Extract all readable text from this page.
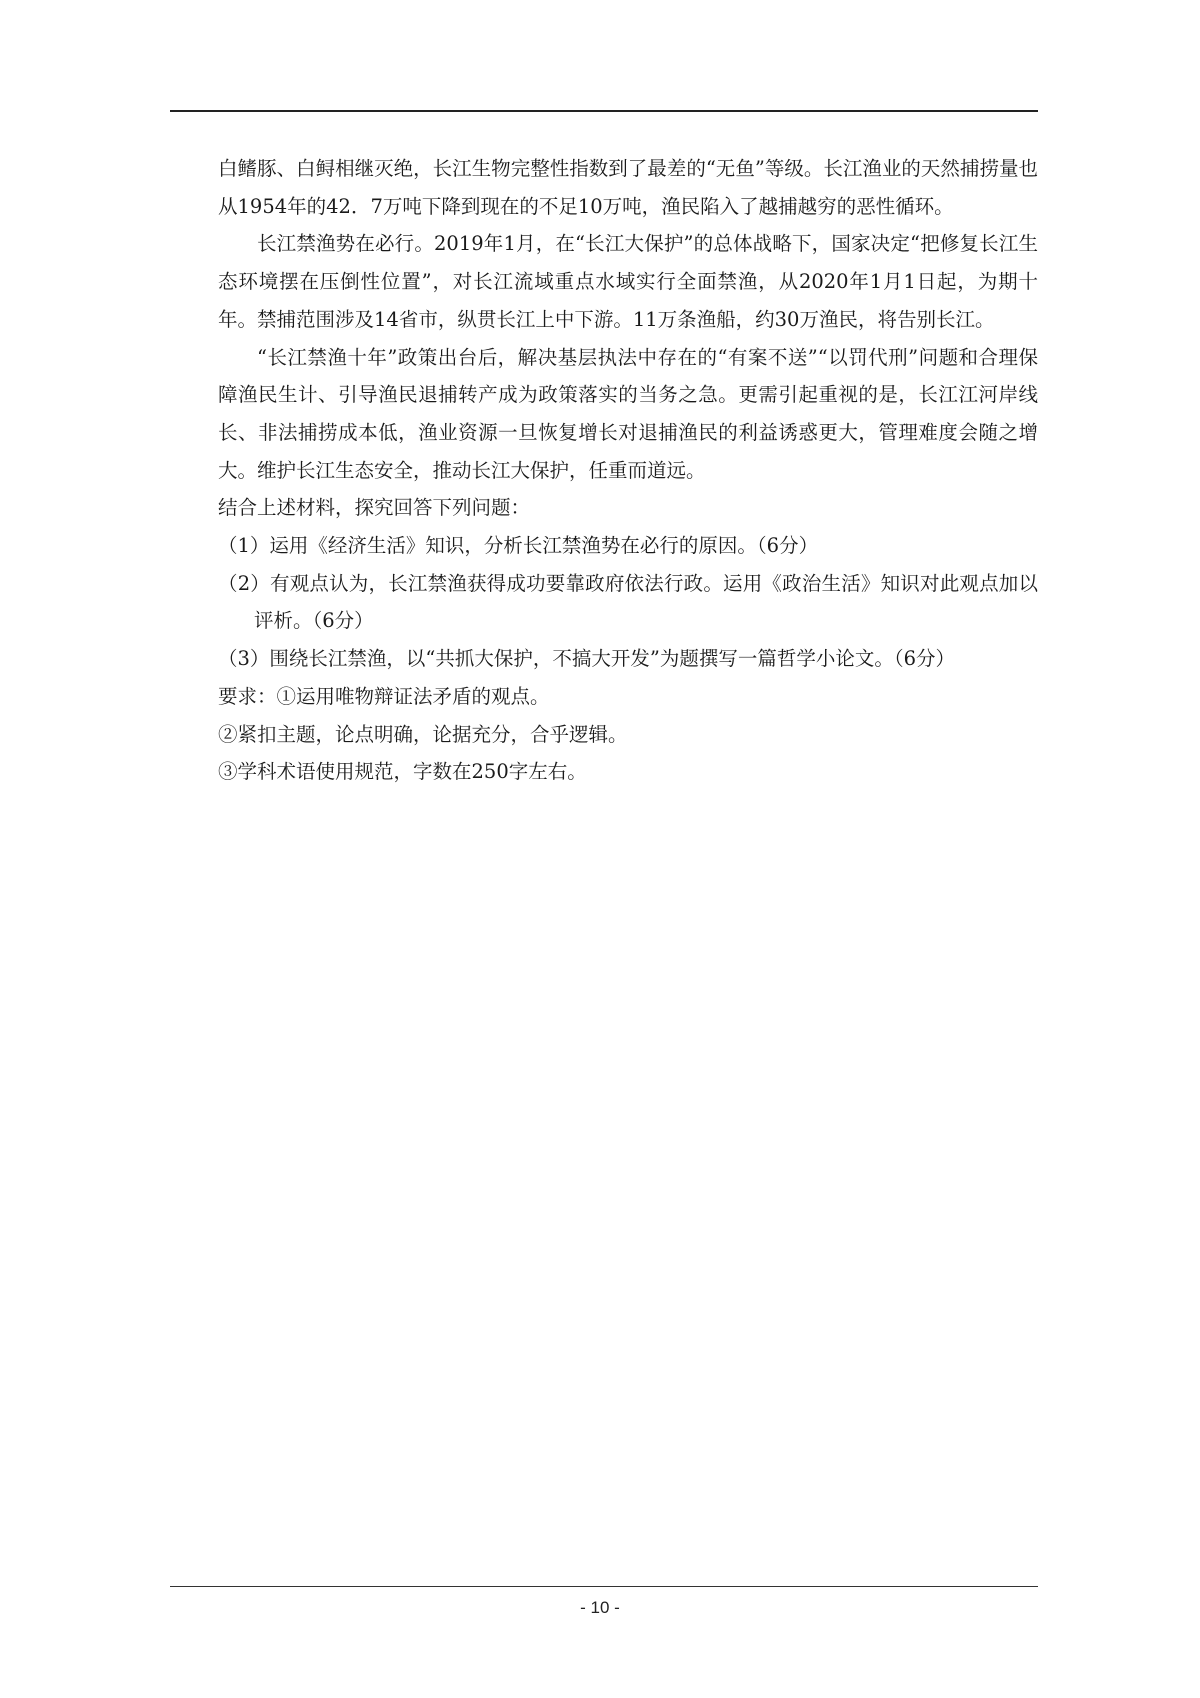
白鳍豚、白鲟相继灭绝，长江生物完整性指数到了最差的“无鱼”等级。长江渔业的天然捕捞量也从1954年的42．7万吨下降到现在的不足10万吨，渔民陷入了越捕越穷的恶性循环。

长江禁渔势在必行。2019年1月，在“长江大保护”的总体战略下，国家决定“把修复长江生态环境摆在压倒性位置”，对长江流域重点水域实行全面禁渔，从2020年1月1日起，为期十年。禁捕范围涉及14省市，纵贯长江上中下游。11万条渔船，约30万渔民，将告别长江。

“长江禁渔十年”政策出台后，解决基层执法中存在的“有案不送”“以罚代刑”问题和合理保障渔民生计、引导渔民退捕转产成为政策落实的当务之急。更需引起重视的是，长江江河岸线长、非法捕捞成本低，渔业资源一旦恢复增长对退捕渔民的利益诱惑更大，管理难度会随之增大。维护长江生态安全，推动长江大保护，任重而道远。

结合上述材料，探究回答下列问题：

（1）运用《经济生活》知识，分析长江禁渔势在必行的原因。（6分）

（2）有观点认为，长江禁渔获得成功要靠政府依法行政。运用《政治生活》知识对此观点加以评析。（6分）

（3）围绕长江禁渔，以“共抓大保护，不搞大开发”为题撰写一篇哲学小论文。（6分）

要求：①运用唯物辩证法矛盾的观点。

②紧扣主题，论点明确，论据充分，合乎逻辑。

③学科术语使用规范，字数在250字左右。

- 10 -
